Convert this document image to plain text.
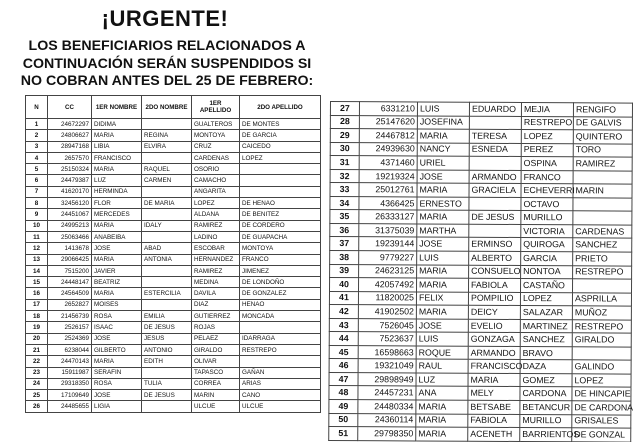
¡URGENTE!
LOS BENEFICIARIOS RELACIONADOS A
CONTINUACIÓN SERÁN SUSPENDIDOS SI
NO COBRAN ANTES DEL 25 DE FEBRERO:
N	CC	1ER NOMBRE	2DO NOMBRE	1ER APELLIDO	2DO APELLIDO
1	24672297	DIDIMA		GUALTEROS	DE MONTES
2	24806627	MARIA	REGINA	MONTOYA	DE GARCIA
3	28947168	LIBIA	ELVIRA	CRUZ	CAICEDO
4	2657570	FRANCISCO		CARDENAS	LOPEZ
5	25150324	MARIA	RAQUEL	OSORIO	
6	24479387	LUZ	CARMEN	CAMACHO	
7	41620170	HERMINDA		ANGARITA	
8	32456120	FLOR	DE MARIA	LOPEZ	DE HENAO
9	24451067	MERCEDES		ALDANA	DE BENITEZ
10	24995213	MARIA	IDALY	RAMIREZ	DE CORDERO
11	25063466	ANABEIBA		LADINO	DE GUAPACHA
12	1413678	JOSE	ABAD	ESCOBAR	MONTOYA
13	29066425	MARIA	ANTONIA	HERNANDEZ	FRANCO
14	7515200	JAVIER		RAMIREZ	JIMENEZ
15	24448147	BEATRIZ		MEDINA	DE LONDOÑO
16	24564509	MARIA	ESTERCILIA	DAVILA	DE GONZALEZ
17	2652827	MOISES		DIAZ	HENAO
18	21456739	ROSA	EMILIA	GUTIERREZ	MONCADA
19	2526157	ISAAC	DE JESUS	ROJAS	
20	2524369	JOSE	JESUS	PELAEZ	IDARRAGA
21	6238044	GILBERTO	ANTONIO	GIRALDO	RESTREPO
22	24470143	MARIA	EDITH	OLIVAR	
23	15911987	SERAFIN		TAPASCO	GAÑAN
24	29318350	ROSA	TULIA	CORREA	ARIAS
25	17109649	JOSE	DE JESUS	MARIN	CANO
26	24485655	LIGIA		ULCUE	ULCUE
27	6331210	LUIS	EDUARDO	MEJIA	RENGIFO
28	25147620	JOSEFINA		RESTREPO	DE GALVIS
29	24467812	MARIA	TERESA	LOPEZ	QUINTERO
30	24939630	NANCY	ESNEDA	PEREZ	TORO
31	4371460	URIEL		OSPINA	RAMIREZ
32	19219324	JOSE	ARMANDO	FRANCO	
33	25012761	MARIA	GRACIELA	ECHEVERRI	MARIN
34	4366425	ERNESTO		OCTAVO	
35	26333127	MARIA	DE JESUS	MURILLO	
36	31375039	MARTHA		VICTORIA	CARDENAS
37	19239144	JOSE	ERMINSO	QUIROGA	SANCHEZ
38	9779227	LUIS	ALBERTO	GARCIA	PRIETO
39	24623125	MARIA	CONSUELO	NONTOA	RESTREPO
40	42057492	MARIA	FABIOLA	CASTAÑO	
41	11820025	FELIX	POMPILIO	LOPEZ	ASPRILLA
42	41902502	MARIA	DEICY	SALAZAR	MUÑOZ
43	7526045	JOSE	EVELIO	MARTINEZ	RESTREPO
44	7523637	LUIS	GONZAGA	SANCHEZ	GIRALDO
45	16598663	ROQUE	ARMANDO	BRAVO	
46	19321049	RAUL	FRANCISCO	DAZA	GALINDO
47	29898949	LUZ	MARIA	GOMEZ	LOPEZ
48	24457231	ANA	MELY	CARDONA	DE HINCAPIE
49	24480334	MARIA	BETSABE	BETANCUR	DE CARDONA
50	24360114	MARIA	FABIOLA	MURILLO	GRISALES
51	29798350	MARIA	ACENETH	BARRIENTOS	DE GONZAL
